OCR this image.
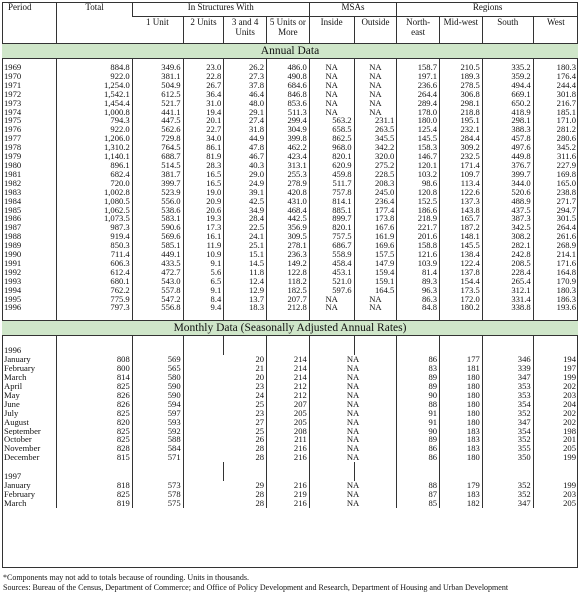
Period	Total	In Structures With				MSAs		Regions			
		1 Unit	2 Units	3 and 4 Units	5 Units or More	Inside	Outside	North-east	Mid-west	South	West
Annual Data											

1969	884.8	349.6	23.0	26.2	486.0	NA	NA	158.7	210.5	335.2	180.3
1970	922.0	381.1	22.8	27.3	490.8	NA	NA	197.1	189.3	359.2	176.4
1971	1,254.0	504.9	26.7	37.8	684.6	NA	NA	236.6	278.5	494.4	244.4
1972	1,542.1	612.5	36.4	46.4	846.8	NA	NA	264.4	306.8	669.1	301.8
1973	1,454.4	521.7	31.0	48.0	853.6	NA	NA	289.4	298.1	650.2	216.7
1974	1,000.8	441.1	19.4	29.1	511.3	NA	NA	178.0	218.8	418.9	185.1
1975	794.3	447.5	20.1	27.4	299.4	563.2	231.1	180.0	195.1	298.1	171.0
1976	922.0	562.6	22.7	31.8	304.9	658.5	263.5	125.4	232.1	388.3	281.2
1977	1,206.0	729.8	34.0	44.9	399.8	862.5	345.5	145.5	284.4	457.8	280.6
1978	1,310.2	764.5	86.1	47.8	462.2	968.0	342.2	158.3	309.2	497.6	345.2
1979	1,140.1	688.7	81.9	46.7	423.4	820.1	320.0	146.7	232.5	449.8	311.6
1980	896.1	514.5	28.3	40.3	313.1	620.9	275.2	120.1	171.4	376.7	227.9
1981	682.4	381.7	16.5	29.0	255.3	459.8	228.5	103.2	109.7	399.7	169.8
1982	720.0	399.7	16.5	24.9	278.9	511.7	208.3	98.6	113.4	344.0	165.0
1983	1,002.8	523.9	19.0	39.1	420.8	757.8	245.0	120.8	122.6	520.6	238.8
1984	1,080.5	556.0	20.9	42.5	431.0	814.1	236.4	152.5	137.3	488.9	271.7
1985	1,062.5	538.6	20.6	34.9	468.4	885.1	177.4	186.6	143.8	437.5	294.7
1986	1,073.5	583.1	19.3	28.4	442.5	899.7	173.8	218.9	165.7	387.3	301.5
1987	987.3	590.6	17.3	22.5	356.9	820.1	167.6	221.7	187.2	342.5	264.4
1988	919.4	569.6	16.1	24.1	309.5	757.5	161.9	201.6	148.1	308.2	261.6
1989	850.3	585.1	11.9	25.1	278.1	686.7	169.6	158.8	145.5	282.1	268.9
1990	711.4	449.1	10.9	15.1	236.3	558.9	157.5	121.6	138.4	242.8	214.1
1991	606.3	433.5	9.1	14.5	149.2	458.4	147.9	103.9	122.4	208.5	171.6
1992	612.4	472.7	5.6	11.8	122.8	453.1	159.4	81.4	137.8	228.4	164.8
1993	680.1	543.0	6.5	12.4	118.2	521.0	159.1	89.3	154.4	265.4	170.9
1994	762.2	557.8	9.1	12.9	182.5	597.6	164.5	96.3	173.5	312.1	180.3
1995	775.9	547.2	8.4	13.7	207.7	NA	NA	86.3	172.0	331.4	186.3
1996	797.3	556.8	9.4	18.3	212.8	NA	NA	84.8	180.2	338.8	193.6

Monthly Data (Seasonally Adjusted Annual Rates)											

1996											
January	808	569	20		214	NA		86	177	346	194
February	800	565	21		214	NA		83	181	339	197
March	814	580	20		214	NA		89	180	347	199
April	825	590	23		212	NA		89	180	353	202
May	826	590	24		212	NA		90	180	353	203
June	826	594	25		207	NA		88	180	354	204
July	825	597	23		205	NA		91	180	352	202
August	820	593	27		205	NA		91	180	347	202
September	825	592	25		208	NA		90	183	354	198
October	825	588	26		211	NA		89	183	352	201
November	828	584	28		216	NA		86	183	355	205
December	815	571	28		216	NA		86	180	350	199

1997											
January	818	573	29		216	NA		88	179	352	199
February	825	578	28		219	NA		87	183	352	203
March	819	575	28		216	NA		85	182	347	205
*Components may not add to totals because of rounding. Units in thousands.
Sources: Bureau of the Census, Department of Commerce; and Office of Policy Development and Research, Department of Housing and Urban Development
